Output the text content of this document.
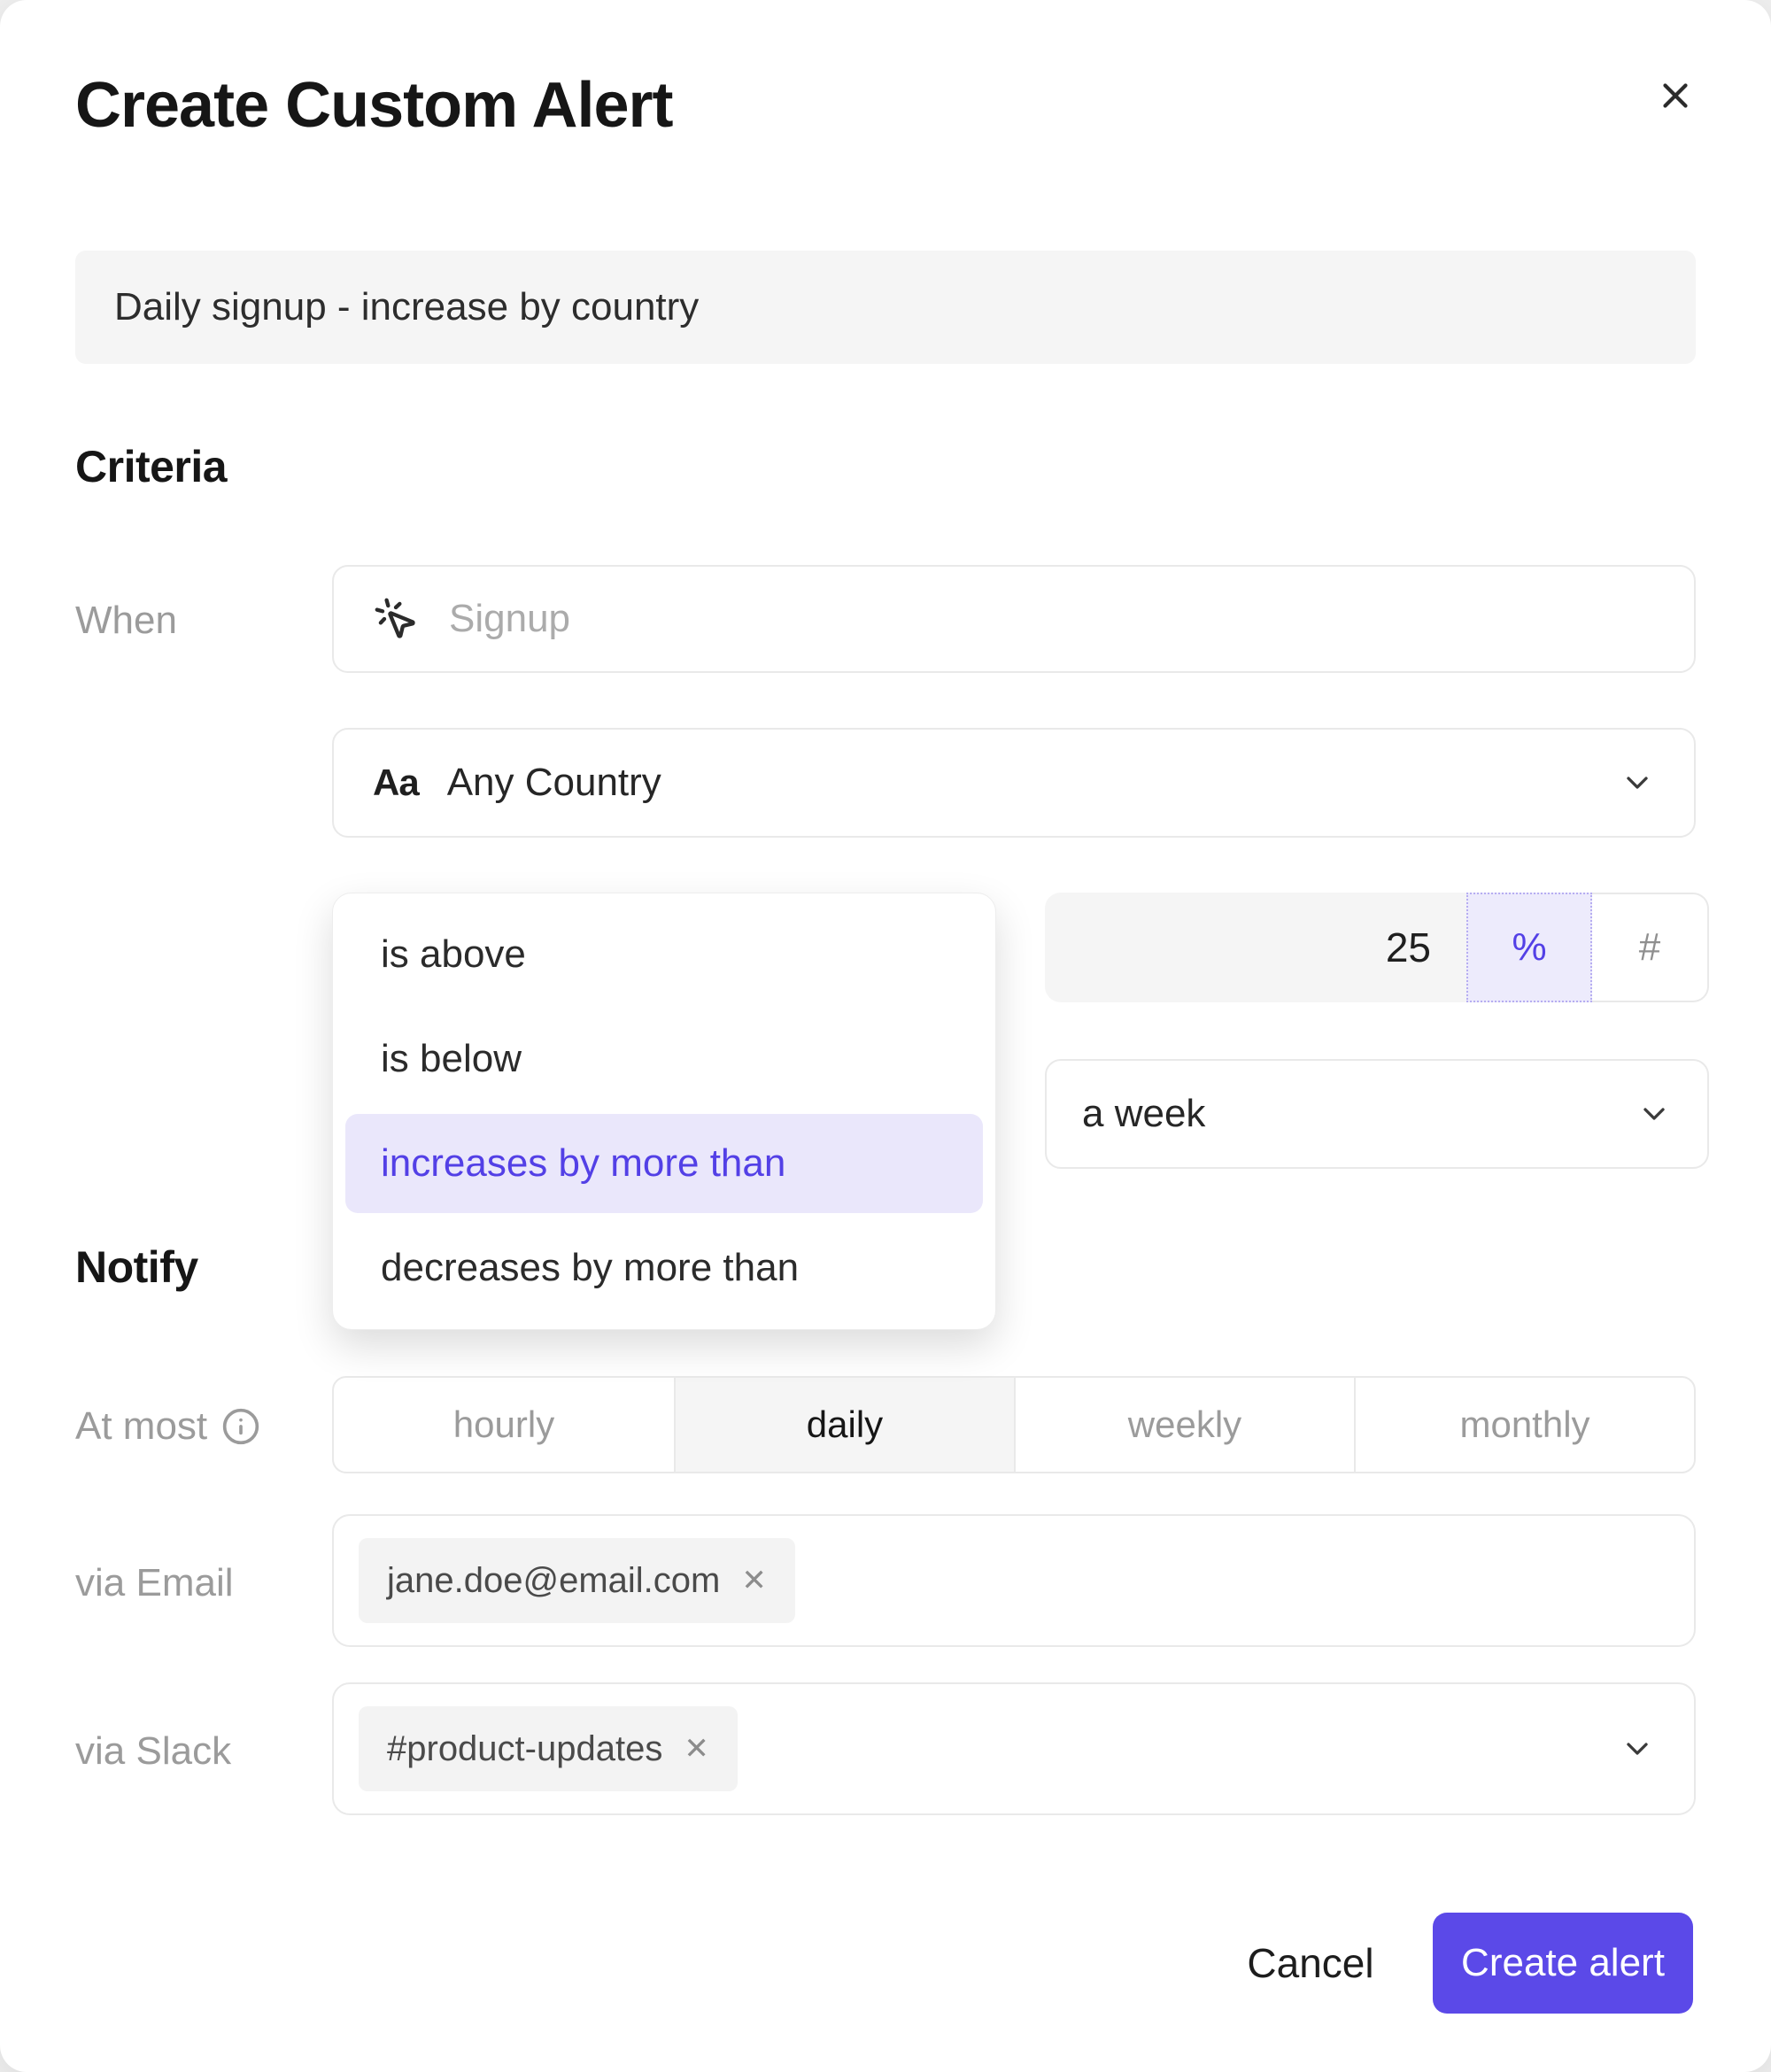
Create Custom Alert
Daily signup - increase by country
Criteria
When	Signup
Aa Any Country
is above
is below
increases by more than
decreases by more than
25	%	#
a week
Notify
At most	hourly	daily	weekly	monthly
via Email	jane.doe@email.com ✕
via Slack	#product-updates ✕
Cancel	Create alert
